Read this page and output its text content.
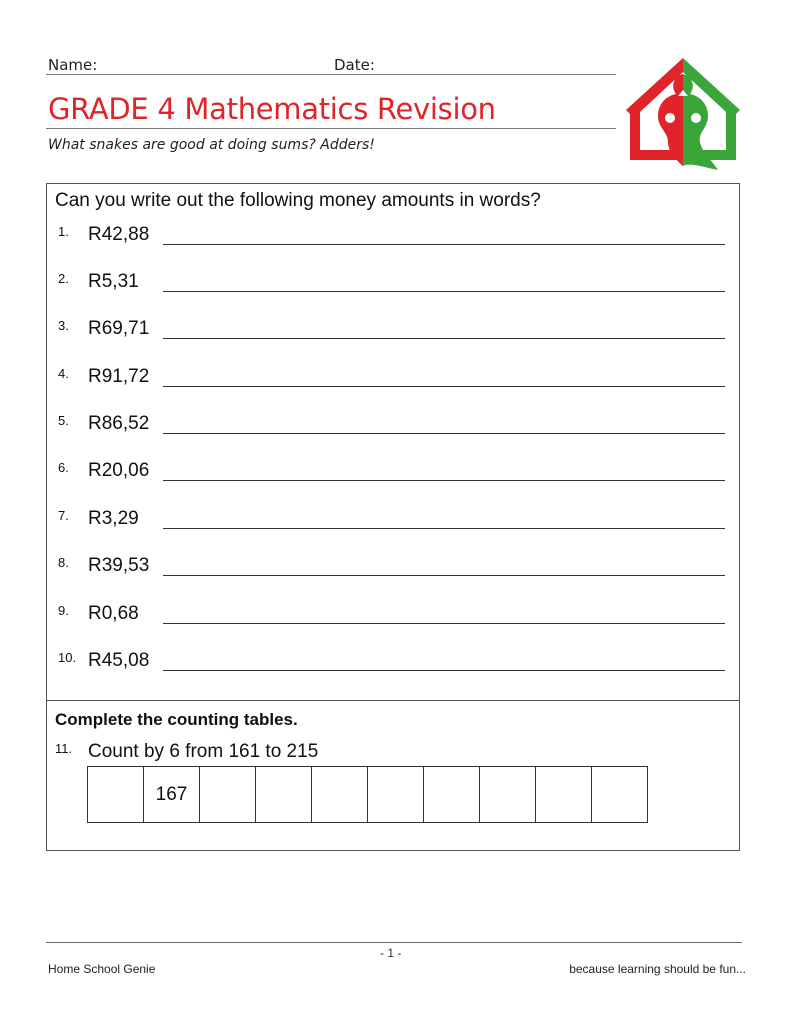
Name:	Date:
GRADE 4 Mathematics Revision
What snakes are good at doing sums? Adders!
Can you write out the following money amounts in words?
1. R42,88
2. R5,31
3. R69,71
4. R91,72
5. R86,52
6. R20,06
7. R3,29
8. R39,53
9. R0,68
10. R45,08
Complete the counting tables.
11. Count by 6 from 161 to 215
167
- 1 -
Home School Genie	because learning should be fun...
